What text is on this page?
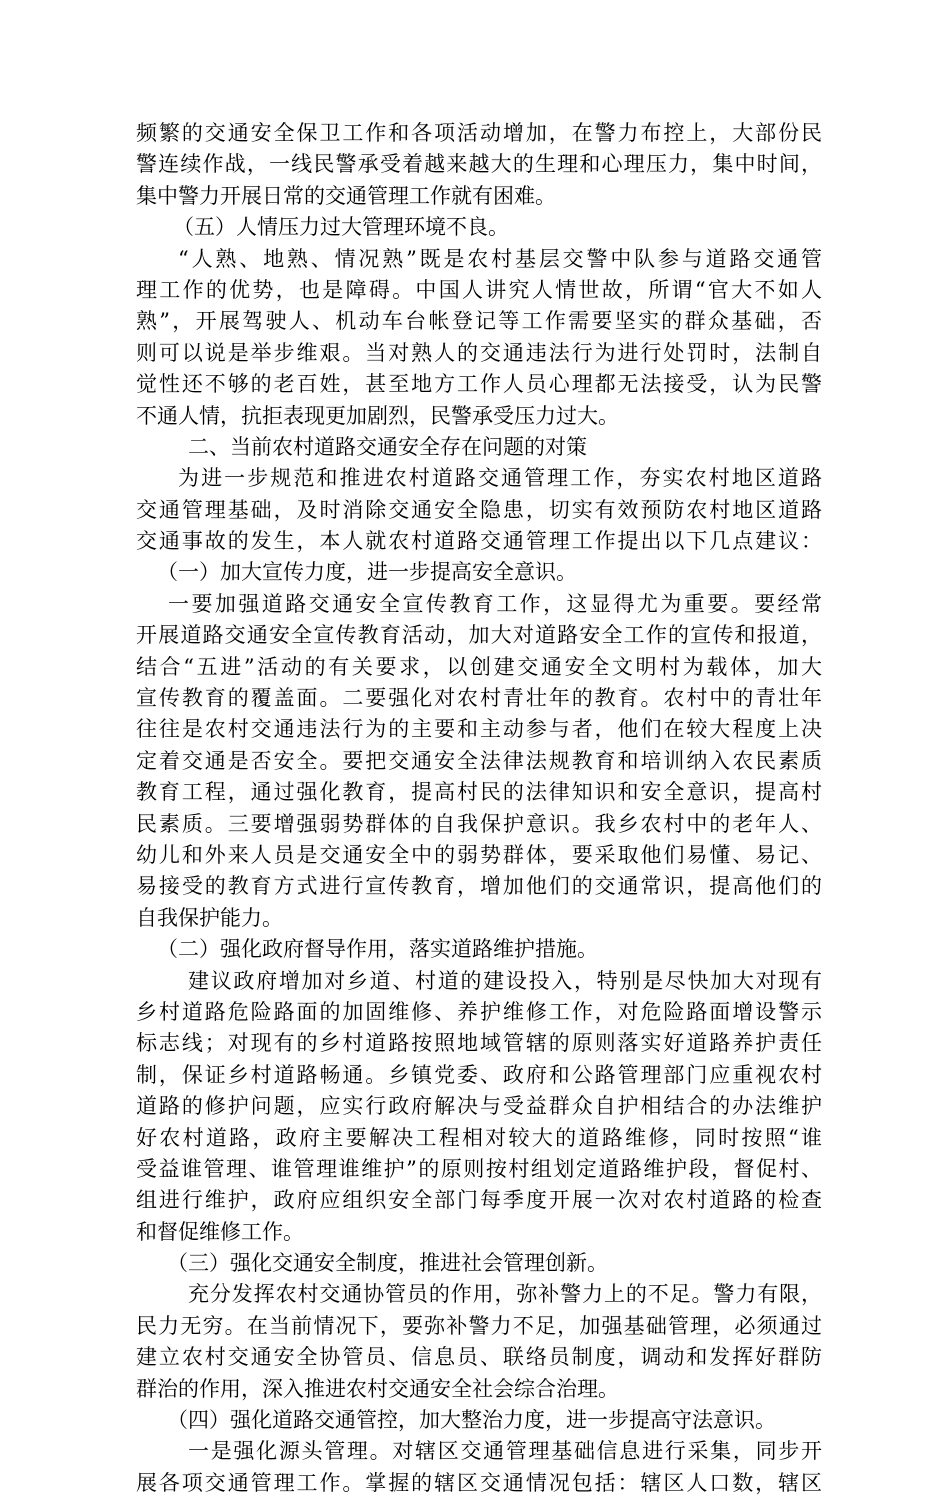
频繁的交通安全保卫工作和各项活动增加，在警力布控上，大部份民
警连续作战，一线民警承受着越来越大的生理和心理压力，集中时间，
集中警力开展日常的交通管理工作就有困难。
（五）人情压力过大管理环境不良。
“人熟、地熟、情况熟”既是农村基层交警中队参与道路交通管
理工作的优势，也是障碍。中国人讲究人情世故，所谓“官大不如人
熟”，开展驾驶人、机动车台帐登记等工作需要坚实的群众基础，否
则可以说是举步维艰。当对熟人的交通违法行为进行处罚时，法制自
觉性还不够的老百姓，甚至地方工作人员心理都无法接受，认为民警
不通人情，抗拒表现更加剧烈，民警承受压力过大。
二、当前农村道路交通安全存在问题的对策
为进一步规范和推进农村道路交通管理工作，夯实农村地区道路
交通管理基础，及时消除交通安全隐患，切实有效预防农村地区道路
交通事故的发生，本人就农村道路交通管理工作提出以下几点建议：
（一）加大宣传力度，进一步提高安全意识。
一要加强道路交通安全宣传教育工作，这显得尤为重要。要经常
开展道路交通安全宣传教育活动，加大对道路安全工作的宣传和报道，
结合“五进”活动的有关要求，以创建交通安全文明村为载体，加大
宣传教育的覆盖面。二要强化对农村青壮年的教育。农村中的青壮年
往往是农村交通违法行为的主要和主动参与者，他们在较大程度上决
定着交通是否安全。要把交通安全法律法规教育和培训纳入农民素质
教育工程，通过强化教育，提高村民的法律知识和安全意识，提高村
民素质。三要增强弱势群体的自我保护意识。我乡农村中的老年人、
幼儿和外来人员是交通安全中的弱势群体，要采取他们易懂、易记、
易接受的教育方式进行宣传教育，增加他们的交通常识，提高他们的
自我保护能力。
（二）强化政府督导作用，落实道路维护措施。
建议政府增加对乡道、村道的建设投入，特别是尽快加大对现有
乡村道路危险路面的加固维修、养护维修工作，对危险路面增设警示
标志线；对现有的乡村道路按照地域管辖的原则落实好道路养护责任
制，保证乡村道路畅通。乡镇党委、政府和公路管理部门应重视农村
道路的修护问题，应实行政府解决与受益群众自护相结合的办法维护
好农村道路，政府主要解决工程相对较大的道路维修，同时按照“谁
受益谁管理、谁管理谁维护”的原则按村组划定道路维护段，督促村、
组进行维护，政府应组织安全部门每季度开展一次对农村道路的检查
和督促维修工作。
（三）强化交通安全制度，推进社会管理创新。
充分发挥农村交通协管员的作用，弥补警力上的不足。警力有限，
民力无穷。在当前情况下，要弥补警力不足，加强基础管理，必须通过
建立农村交通安全协管员、信息员、联络员制度，调动和发挥好群防
群治的作用，深入推进农村交通安全社会综合治理。
（四）强化道路交通管控，加大整治力度，进一步提高守法意识。
一是强化源头管理。对辖区交通管理基础信息进行采集，同步开
展各项交通管理工作。掌握的辖区交通情况包括：辖区人口数，辖区
